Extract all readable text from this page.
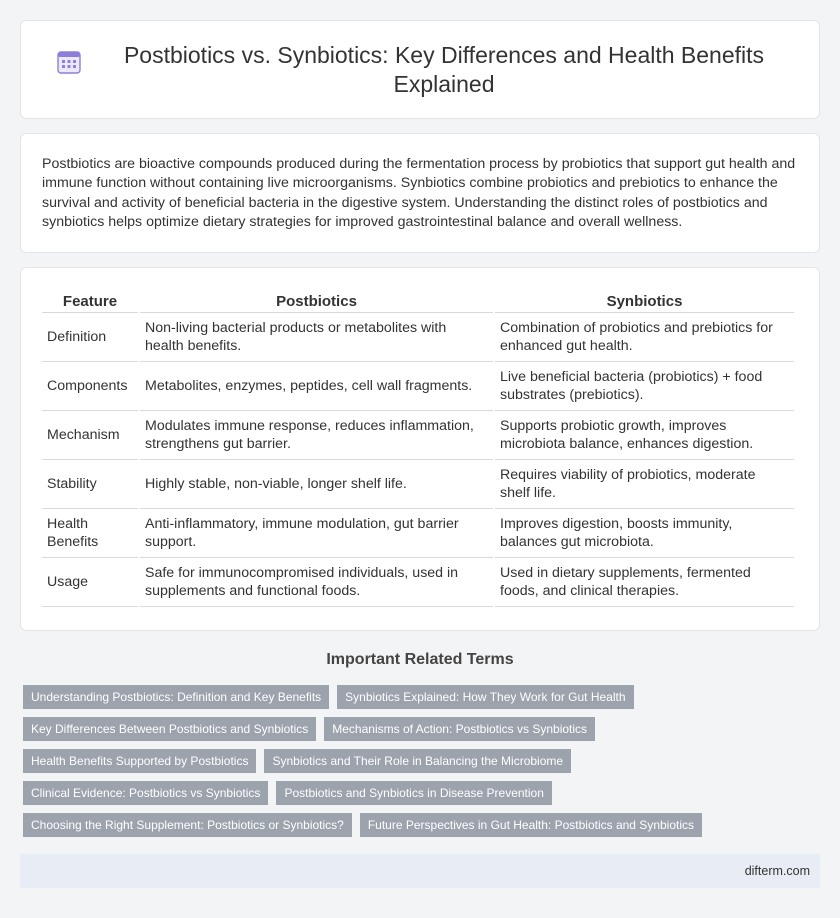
Postbiotics vs. Synbiotics: Key Differences and Health Benefits Explained

Postbiotics are bioactive compounds produced during the fermentation process by probiotics that support gut health and immune function without containing live microorganisms. Synbiotics combine probiotics and prebiotics to enhance the survival and activity of beneficial bacteria in the digestive system. Understanding the distinct roles of postbiotics and synbiotics helps optimize dietary strategies for improved gastrointestinal balance and overall wellness.

Feature	Postbiotics	Synbiotics
Definition	Non-living bacterial products or metabolites with health benefits.	Combination of probiotics and prebiotics for enhanced gut health.
Components	Metabolites, enzymes, peptides, cell wall fragments.	Live beneficial bacteria (probiotics) + food substrates (prebiotics).
Mechanism	Modulates immune response, reduces inflammation, strengthens gut barrier.	Supports probiotic growth, improves microbiota balance, enhances digestion.
Stability	Highly stable, non-viable, longer shelf life.	Requires viability of probiotics, moderate shelf life.
Health Benefits	Anti-inflammatory, immune modulation, gut barrier support.	Improves digestion, boosts immunity, balances gut microbiota.
Usage	Safe for immunocompromised individuals, used in supplements and functional foods.	Used in dietary supplements, fermented foods, and clinical therapies.
Important Related Terms
Understanding Postbiotics: Definition and Key Benefits	Synbiotics Explained: How They Work for Gut Health
Key Differences Between Postbiotics and Synbiotics	Mechanisms of Action: Postbiotics vs Synbiotics
Health Benefits Supported by Postbiotics	Synbiotics and Their Role in Balancing the Microbiome
Clinical Evidence: Postbiotics vs Synbiotics	Postbiotics and Synbiotics in Disease Prevention
Choosing the Right Supplement: Postbiotics or Synbiotics?	Future Perspectives in Gut Health: Postbiotics and Synbiotics
difterm.com
